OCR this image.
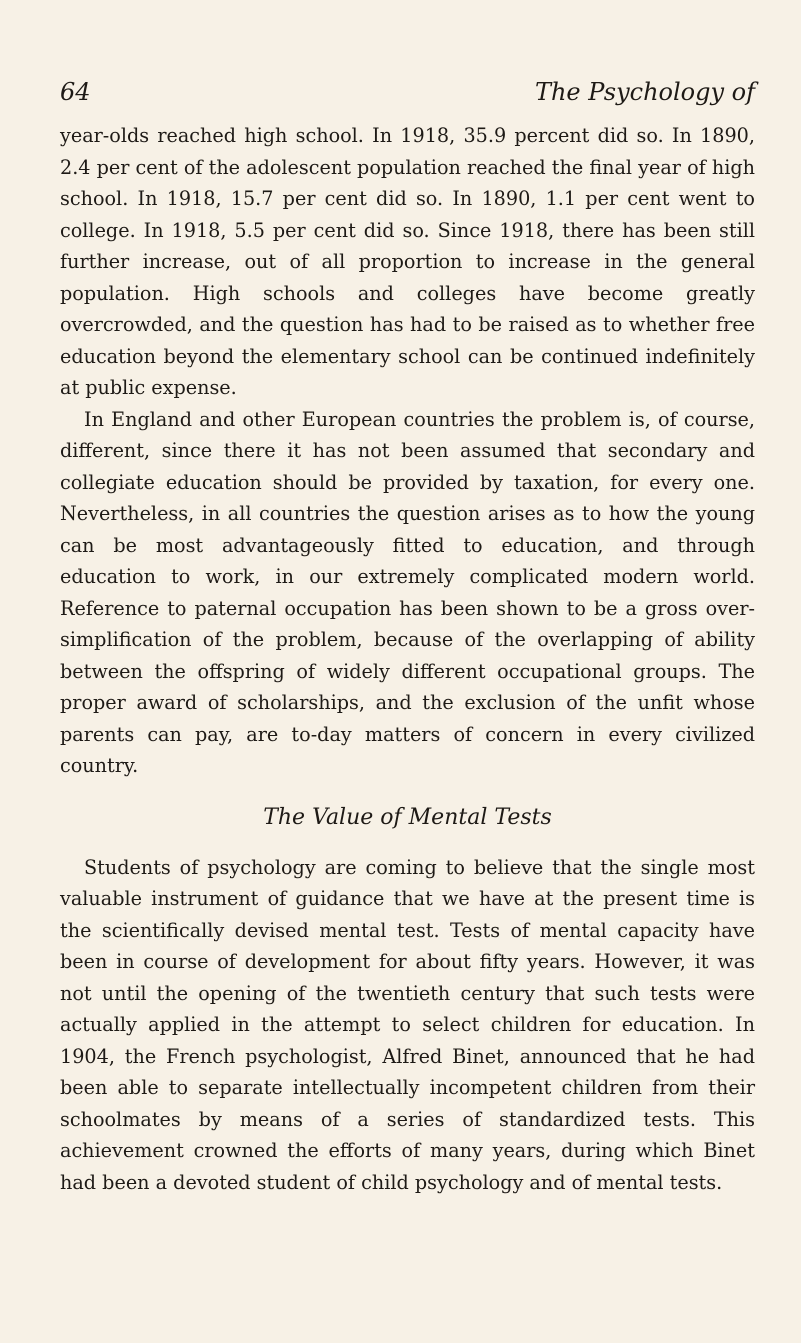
64	The Psychology of

year-olds reached high school. In 1918, 35.9 percent did so. In 1890, 2.4 per cent of the adolescent population reached the final year of high school. In 1918, 15.7 per cent did so. In 1890, 1.1 per cent went to college. In 1918, 5.5 per cent did so. Since 1918, there has been still further increase, out of all proportion to increase in the general population. High schools and colleges have become greatly overcrowded, and the question has had to be raised as to whether free education beyond the elementary school can be continued indefinitely at public expense.

In England and other European countries the problem is, of course, different, since there it has not been assumed that secondary and collegiate education should be provided by taxation, for every one. Nevertheless, in all countries the question arises as to how the young can be most advantageously fitted to education, and through education to work, in our extremely complicated modern world. Reference to paternal occupation has been shown to be a gross over-simplification of the problem, because of the overlapping of ability between the offspring of widely different occupational groups. The proper award of scholarships, and the exclusion of the unfit whose parents can pay, are to-day matters of concern in every civilized country.

The Value of Mental Tests

Students of psychology are coming to believe that the single most valuable instrument of guidance that we have at the present time is the scientifically devised mental test. Tests of mental capacity have been in course of development for about fifty years. However, it was not until the opening of the twentieth century that such tests were actually applied in the attempt to select children for education. In 1904, the French psychologist, Alfred Binet, announced that he had been able to separate intellectually incompetent children from their schoolmates by means of a series of standardized tests. This achievement crowned the efforts of many years, during which Binet had been a devoted student of child psychology and of mental tests.
